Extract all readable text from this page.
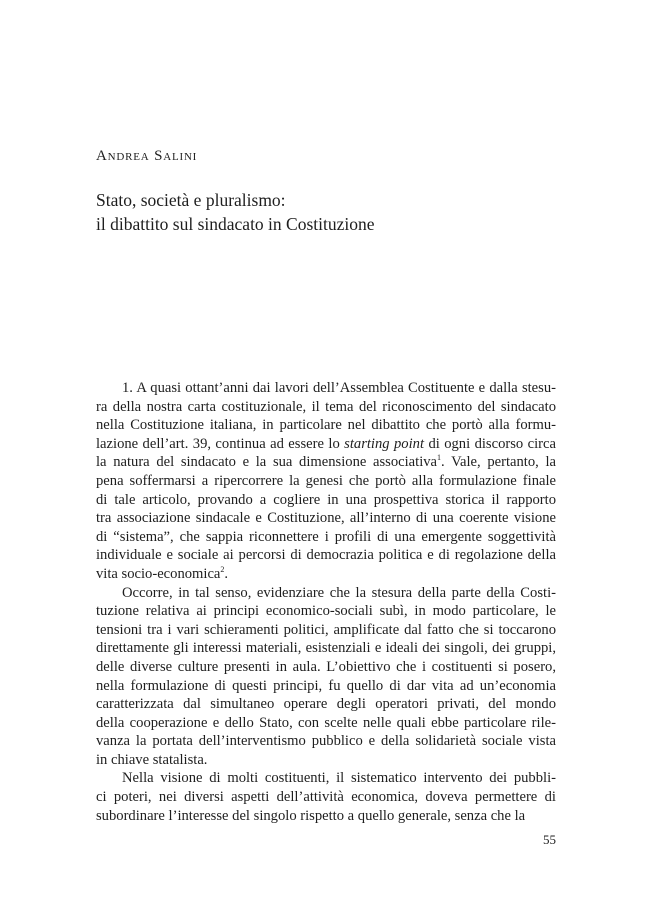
Andrea Salini
Stato, società e pluralismo:
il dibattito sul sindacato in Costituzione
1. A quasi ottant’anni dai lavori dell’Assemblea Costituente e dalla stesu-
ra della nostra carta costituzionale, il tema del riconoscimento del sindacato
nella Costituzione italiana, in particolare nel dibattito che portò alla formu-
lazione dell’art. 39, continua ad essere lo starting point di ogni discorso circa
la natura del sindacato e la sua dimensione associativa$^1$. Vale, pertanto, la
pena soffermarsi a ripercorrere la genesi che portò alla formulazione finale
di tale articolo, provando a cogliere in una prospettiva storica il rapporto
tra associazione sindacale e Costituzione, all’interno di una coerente visione
di “sistema”, che sappia riconnettere i profili di una emergente soggettività
individuale e sociale ai percorsi di democrazia politica e di regolazione della
vita socio-economica$^2$.
Occorre, in tal senso, evidenziare che la stesura della parte della Costi-
tuzione relativa ai principi economico-sociali subì, in modo particolare, le
tensioni tra i vari schieramenti politici, amplificate dal fatto che si toccarono
direttamente gli interessi materiali, esistenziali e ideali dei singoli, dei gruppi,
delle diverse culture presenti in aula. L’obiettivo che i costituenti si posero,
nella formulazione di questi principi, fu quello di dar vita ad un’economia
caratterizzata dal simultaneo operare degli operatori privati, del mondo
della cooperazione e dello Stato, con scelte nelle quali ebbe particolare rile-
vanza la portata dell’interventismo pubblico e della solidarietà sociale vista
in chiave statalista.
Nella visione di molti costituenti, il sistematico intervento dei pubbli-
ci poteri, nei diversi aspetti dell’attività economica, doveva permettere di
subordinare l’interesse del singolo rispetto a quello generale, senza che la
55
